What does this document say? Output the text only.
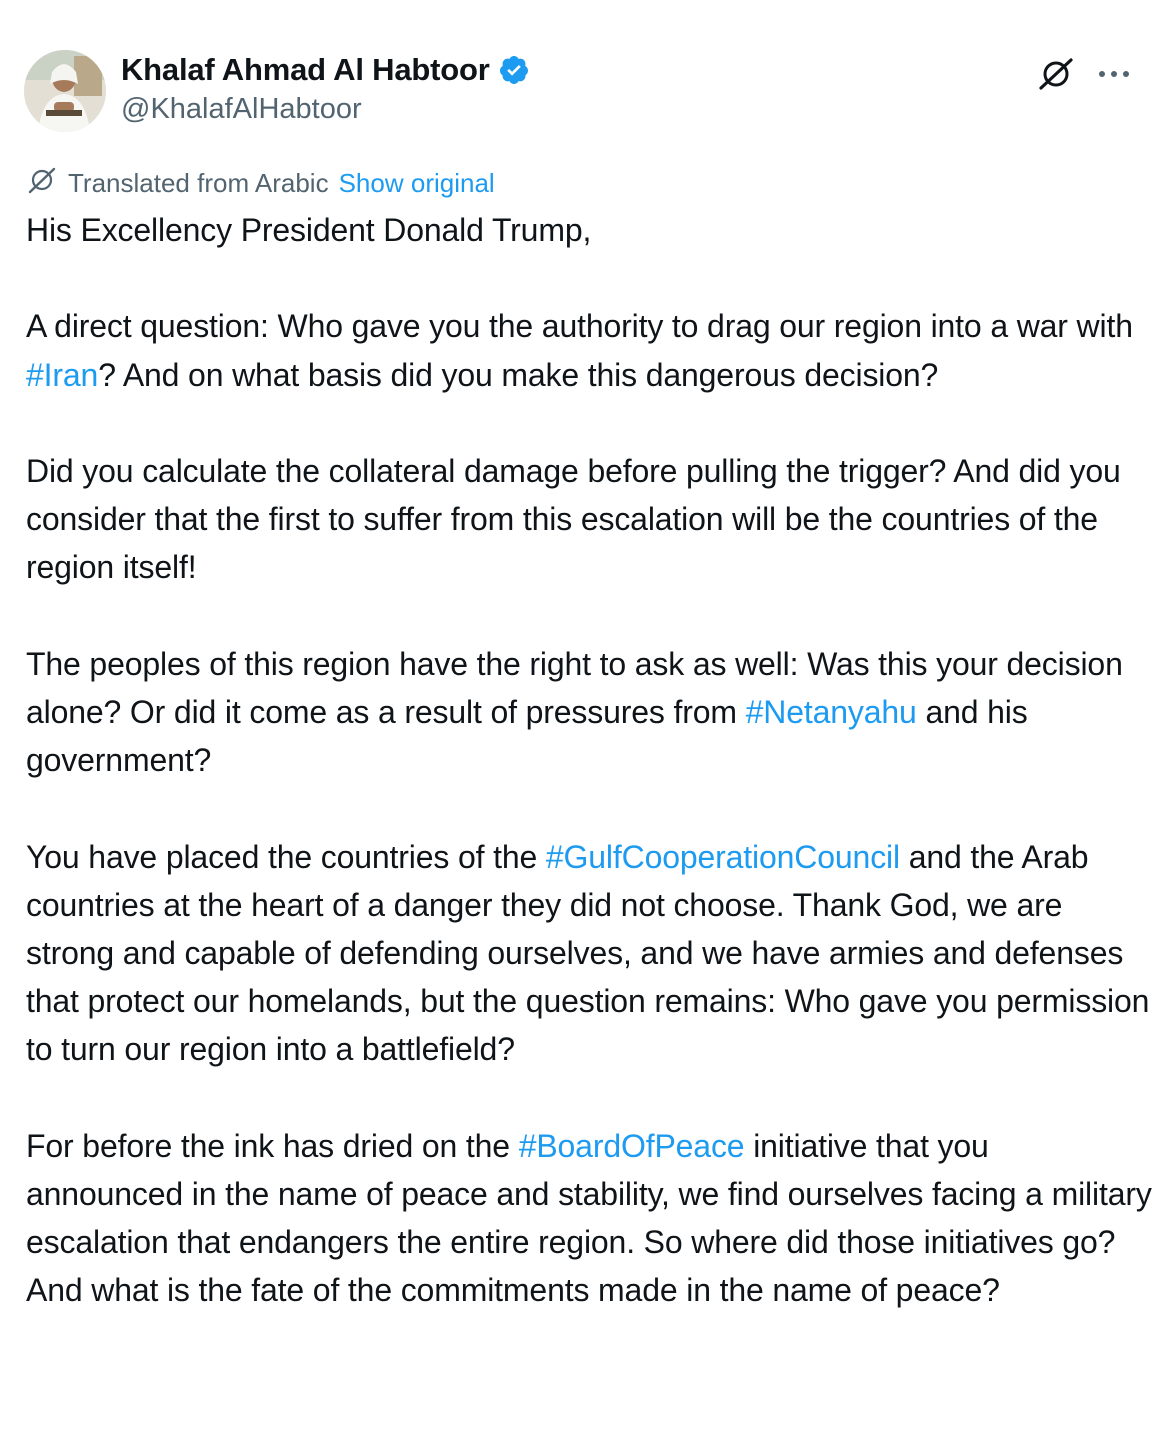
Khalaf Ahmad Al Habtoor
@KhalafAlHabtoor
Translated from Arabic Show original

His Excellency President Donald Trump,

A direct question: Who gave you the authority to drag our region into a war with #Iran? And on what basis did you make this dangerous decision?

Did you calculate the collateral damage before pulling the trigger? And did you consider that the first to suffer from this escalation will be the countries of the region itself!

The peoples of this region have the right to ask as well: Was this your decision alone? Or did it come as a result of pressures from #Netanyahu and his government?

You have placed the countries of the #GulfCooperationCouncil and the Arab countries at the heart of a danger they did not choose. Thank God, we are strong and capable of defending ourselves, and we have armies and defenses that protect our homelands, but the question remains: Who gave you permission to turn our region into a battlefield?

For before the ink has dried on the #BoardOfPeace initiative that you announced in the name of peace and stability, we find ourselves facing a military escalation that endangers the entire region. So where did those initiatives go? And what is the fate of the commitments made in the name of peace?
